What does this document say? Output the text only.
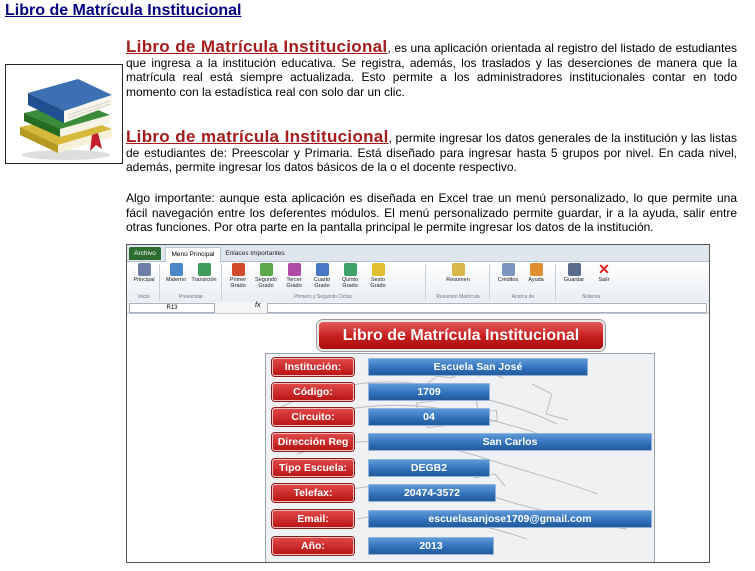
Libro de Matrícula Institucional

Libro de Matrícula Institucional, es una aplicación orientada al registro del listado de estudiantes que ingresa a la institución educativa. Se registra, además, los traslados y las deserciones de manera que la matrícula real está siempre actualizada. Esto permite a los administradores institucionales contar en todo momento con la estadística real con solo dar un clic.

Libro de matrícula Institucional, permite ingresar los datos generales de la institución y las listas de estudiantes de: Preescolar y Primaria. Está diseñado para ingresar hasta 5 grupos por nivel. En cada nivel, además, permite ingresar los datos básicos de la o el docente respectivo.

Algo importante: aunque esta aplicación es diseñada en Excel trae un menú personalizado, lo que permite una fácil navegación entre los deferentes módulos. El menú personalizado permite guardar, ir a la ayuda, salir entre otras funciones. Por otra parte en la pantalla principal le permite ingresar los datos de la institución.

Archivo	Menú Principal	Enlaces Importantes
Principal	Materno Transición	Primer Grado
Segundo Grado
Tercer Grado
Cuarto Grado
Quinto Grado
Sexto Grado
Resumen	Créditos	Ayuda	Guardar
✕
Salir
Inicio	Preescolar	Primero y Segundo Ciclos	Resumen Matrícula	Acerca de	Sistema
R13	fx
Libro de Matrícula Institucional
Institución:	Escuela San José
Código:	1709
Circuito:	04
Dirección Reg	San Carlos
Tipo Escuela:	DEGB2
Telefax:	20474-3572
Email:	escuelasanjose1709@gmail.com
Año:	2013
